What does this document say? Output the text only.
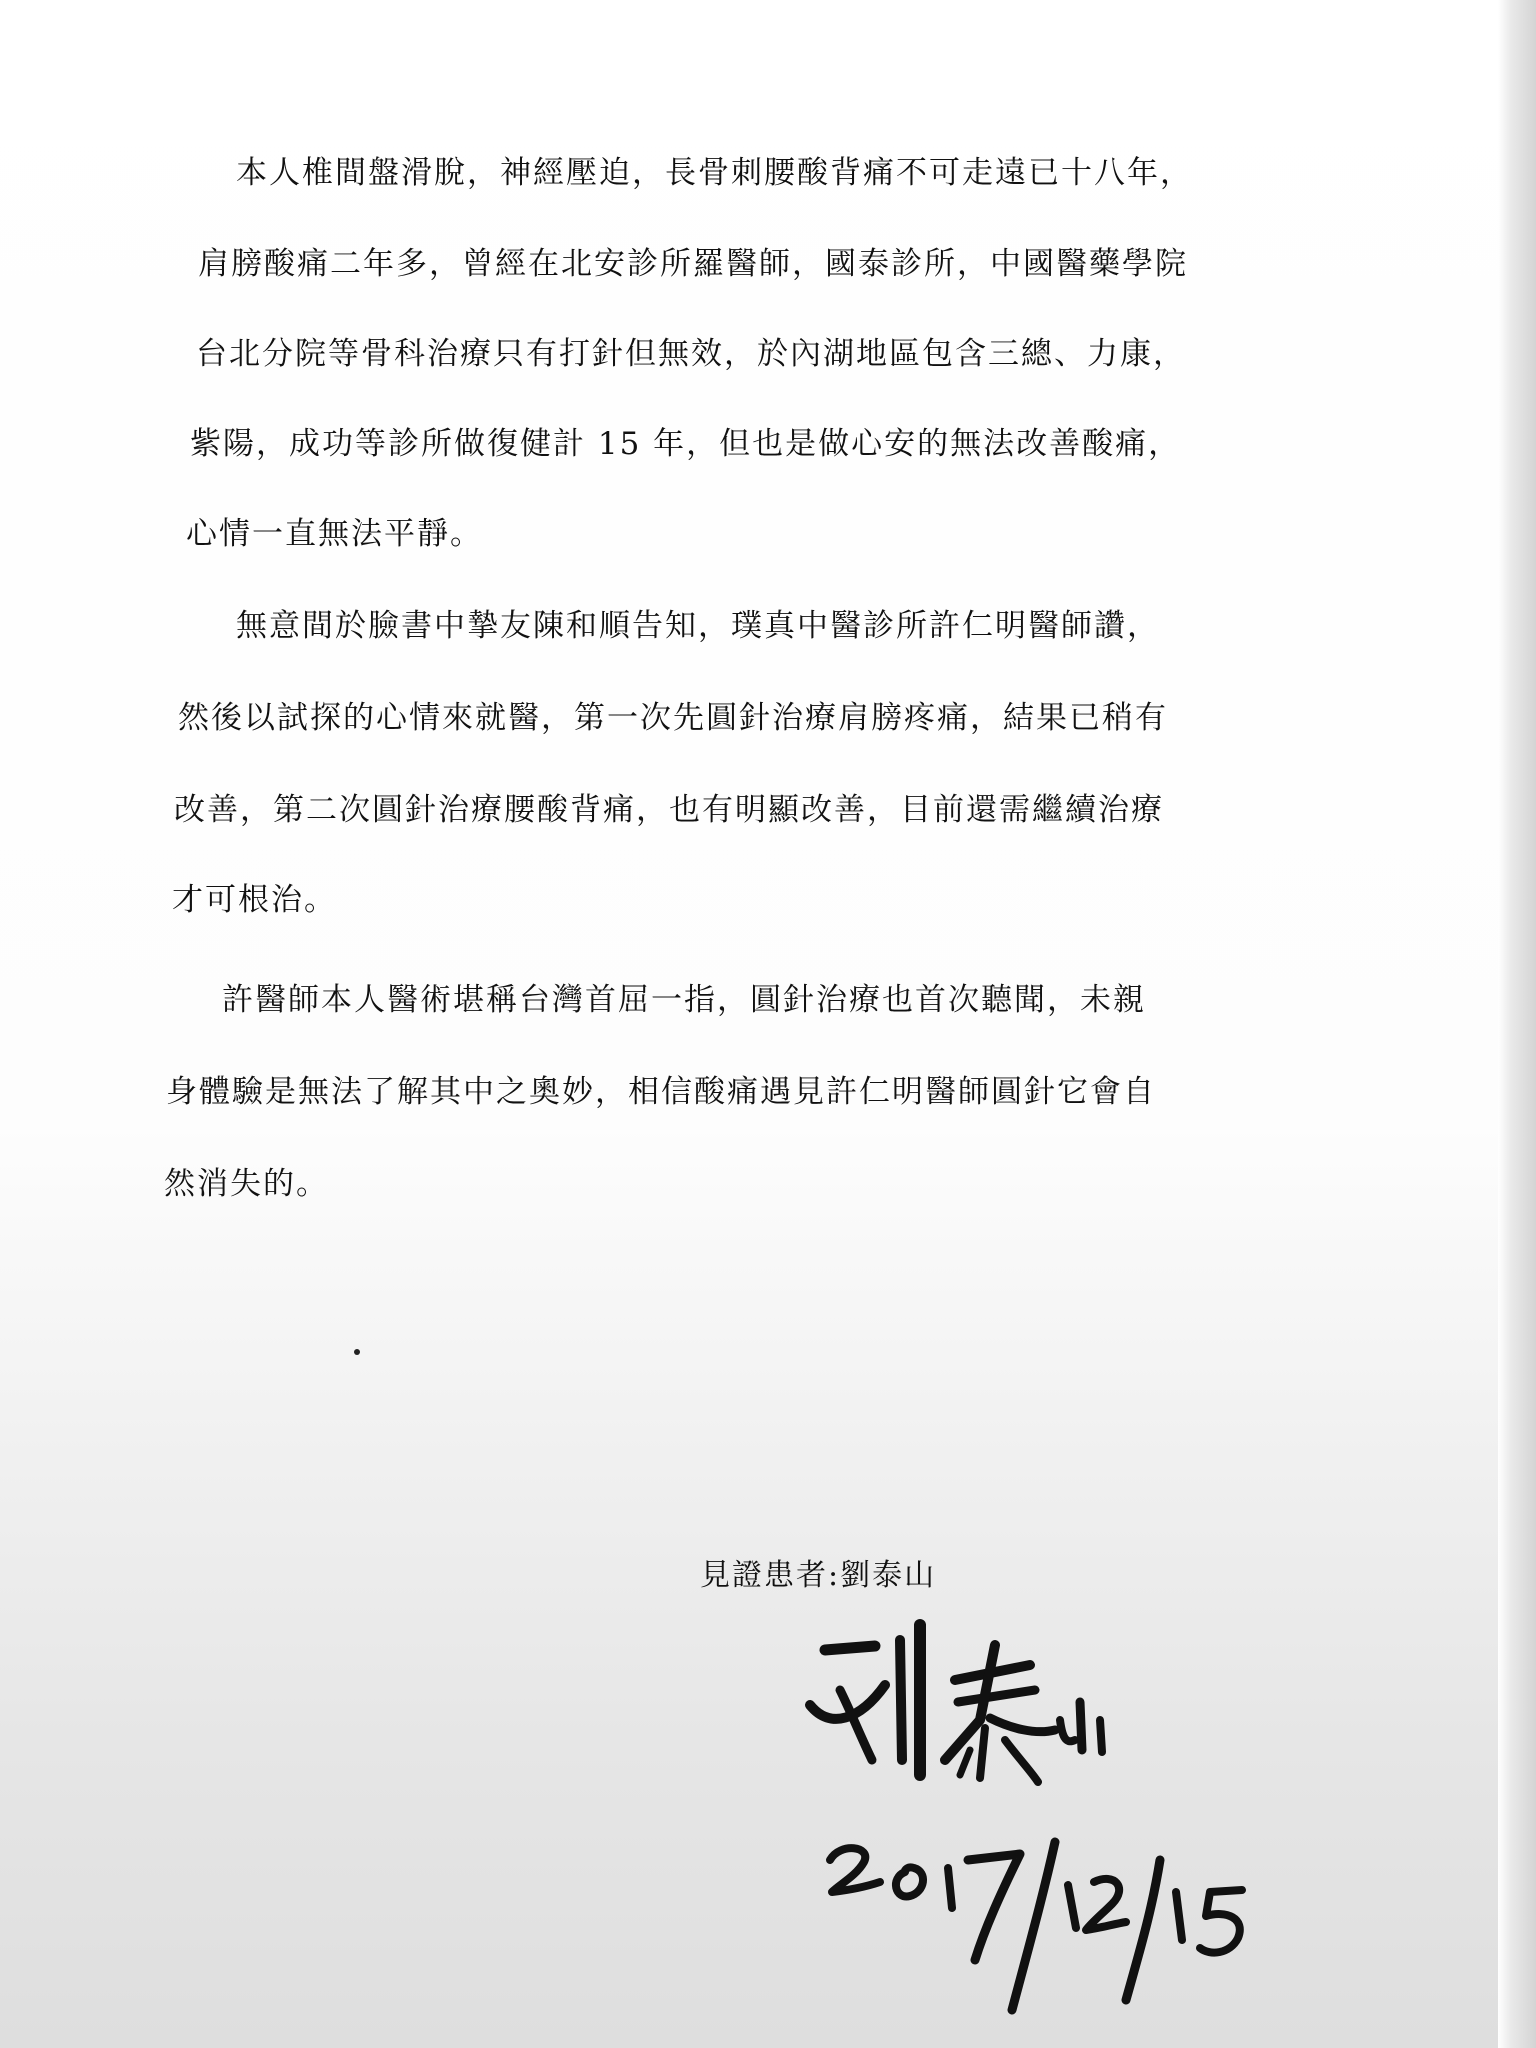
本人椎間盤滑脫，神經壓迫，長骨刺腰酸背痛不可走遠已十八年，
肩膀酸痛二年多，曾經在北安診所羅醫師，國泰診所，中國醫藥學院
台北分院等骨科治療只有打針但無效，於內湖地區包含三總、力康，
紫陽，成功等診所做復健計 15 年，但也是做心安的無法改善酸痛，
心情一直無法平靜。
無意間於臉書中摯友陳和順告知，璞真中醫診所許仁明醫師讚，
然後以試探的心情來就醫，第一次先圓針治療肩膀疼痛，結果已稍有
改善，第二次圓針治療腰酸背痛，也有明顯改善，目前還需繼續治療
才可根治。
許醫師本人醫術堪稱台灣首屈一指，圓針治療也首次聽聞，未親
身體驗是無法了解其中之奧妙，相信酸痛遇見許仁明醫師圓針它會自
然消失的。
見證患者:劉泰山
